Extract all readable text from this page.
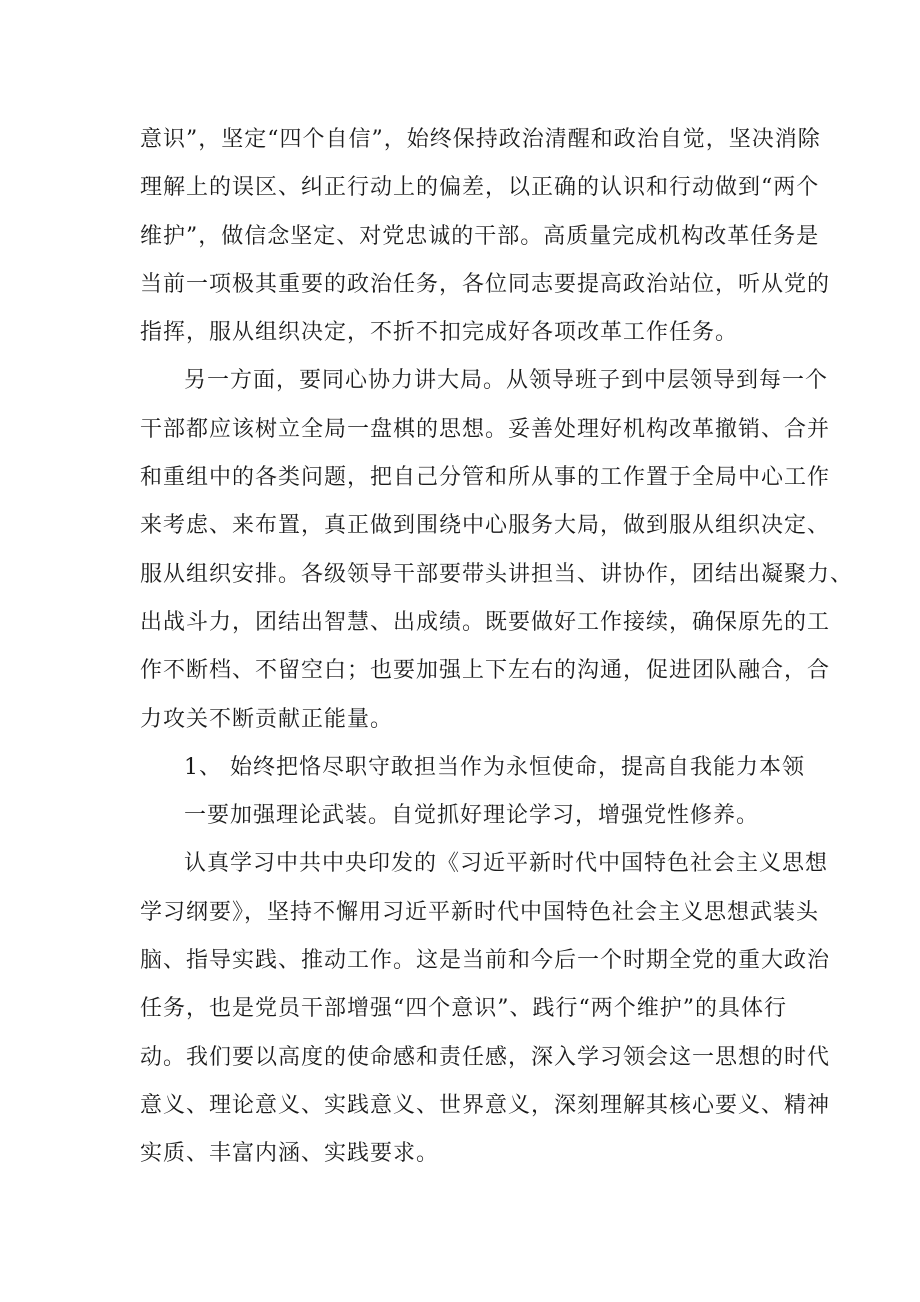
意识”，坚定“四个自信”，始终保持政治清醒和政治自觉，坚决消除
理解上的误区、纠正行动上的偏差，以正确的认识和行动做到“两个
维护”，做信念坚定、对党忠诚的干部。高质量完成机构改革任务是
当前一项极其重要的政治任务，各位同志要提高政治站位，听从党的
指挥，服从组织决定，不折不扣完成好各项改革工作任务。
另一方面，要同心协力讲大局。从领导班子到中层领导到每一个
干部都应该树立全局一盘棋的思想。妥善处理好机构改革撤销、合并
和重组中的各类问题，把自己分管和所从事的工作置于全局中心工作
来考虑、来布置，真正做到围绕中心服务大局，做到服从组织决定、
服从组织安排。各级领导干部要带头讲担当、讲协作，团结出凝聚力、
出战斗力，团结出智慧、出成绩。既要做好工作接续，确保原先的工
作不断档、不留空白；也要加强上下左右的沟通，促进团队融合，合
力攻关不断贡献正能量。
1、 始终把恪尽职守敢担当作为永恒使命，提高自我能力本领
一要加强理论武装。自觉抓好理论学习，增强党性修养。
认真学习中共中央印发的《习近平新时代中国特色社会主义思想
学习纲要》，坚持不懈用习近平新时代中国特色社会主义思想武装头
脑、指导实践、推动工作。这是当前和今后一个时期全党的重大政治
任务，也是党员干部增强“四个意识”、践行“两个维护”的具体行
动。我们要以高度的使命感和责任感，深入学习领会这一思想的时代
意义、理论意义、实践意义、世界意义，深刻理解其核心要义、精神
实质、丰富内涵、实践要求。
